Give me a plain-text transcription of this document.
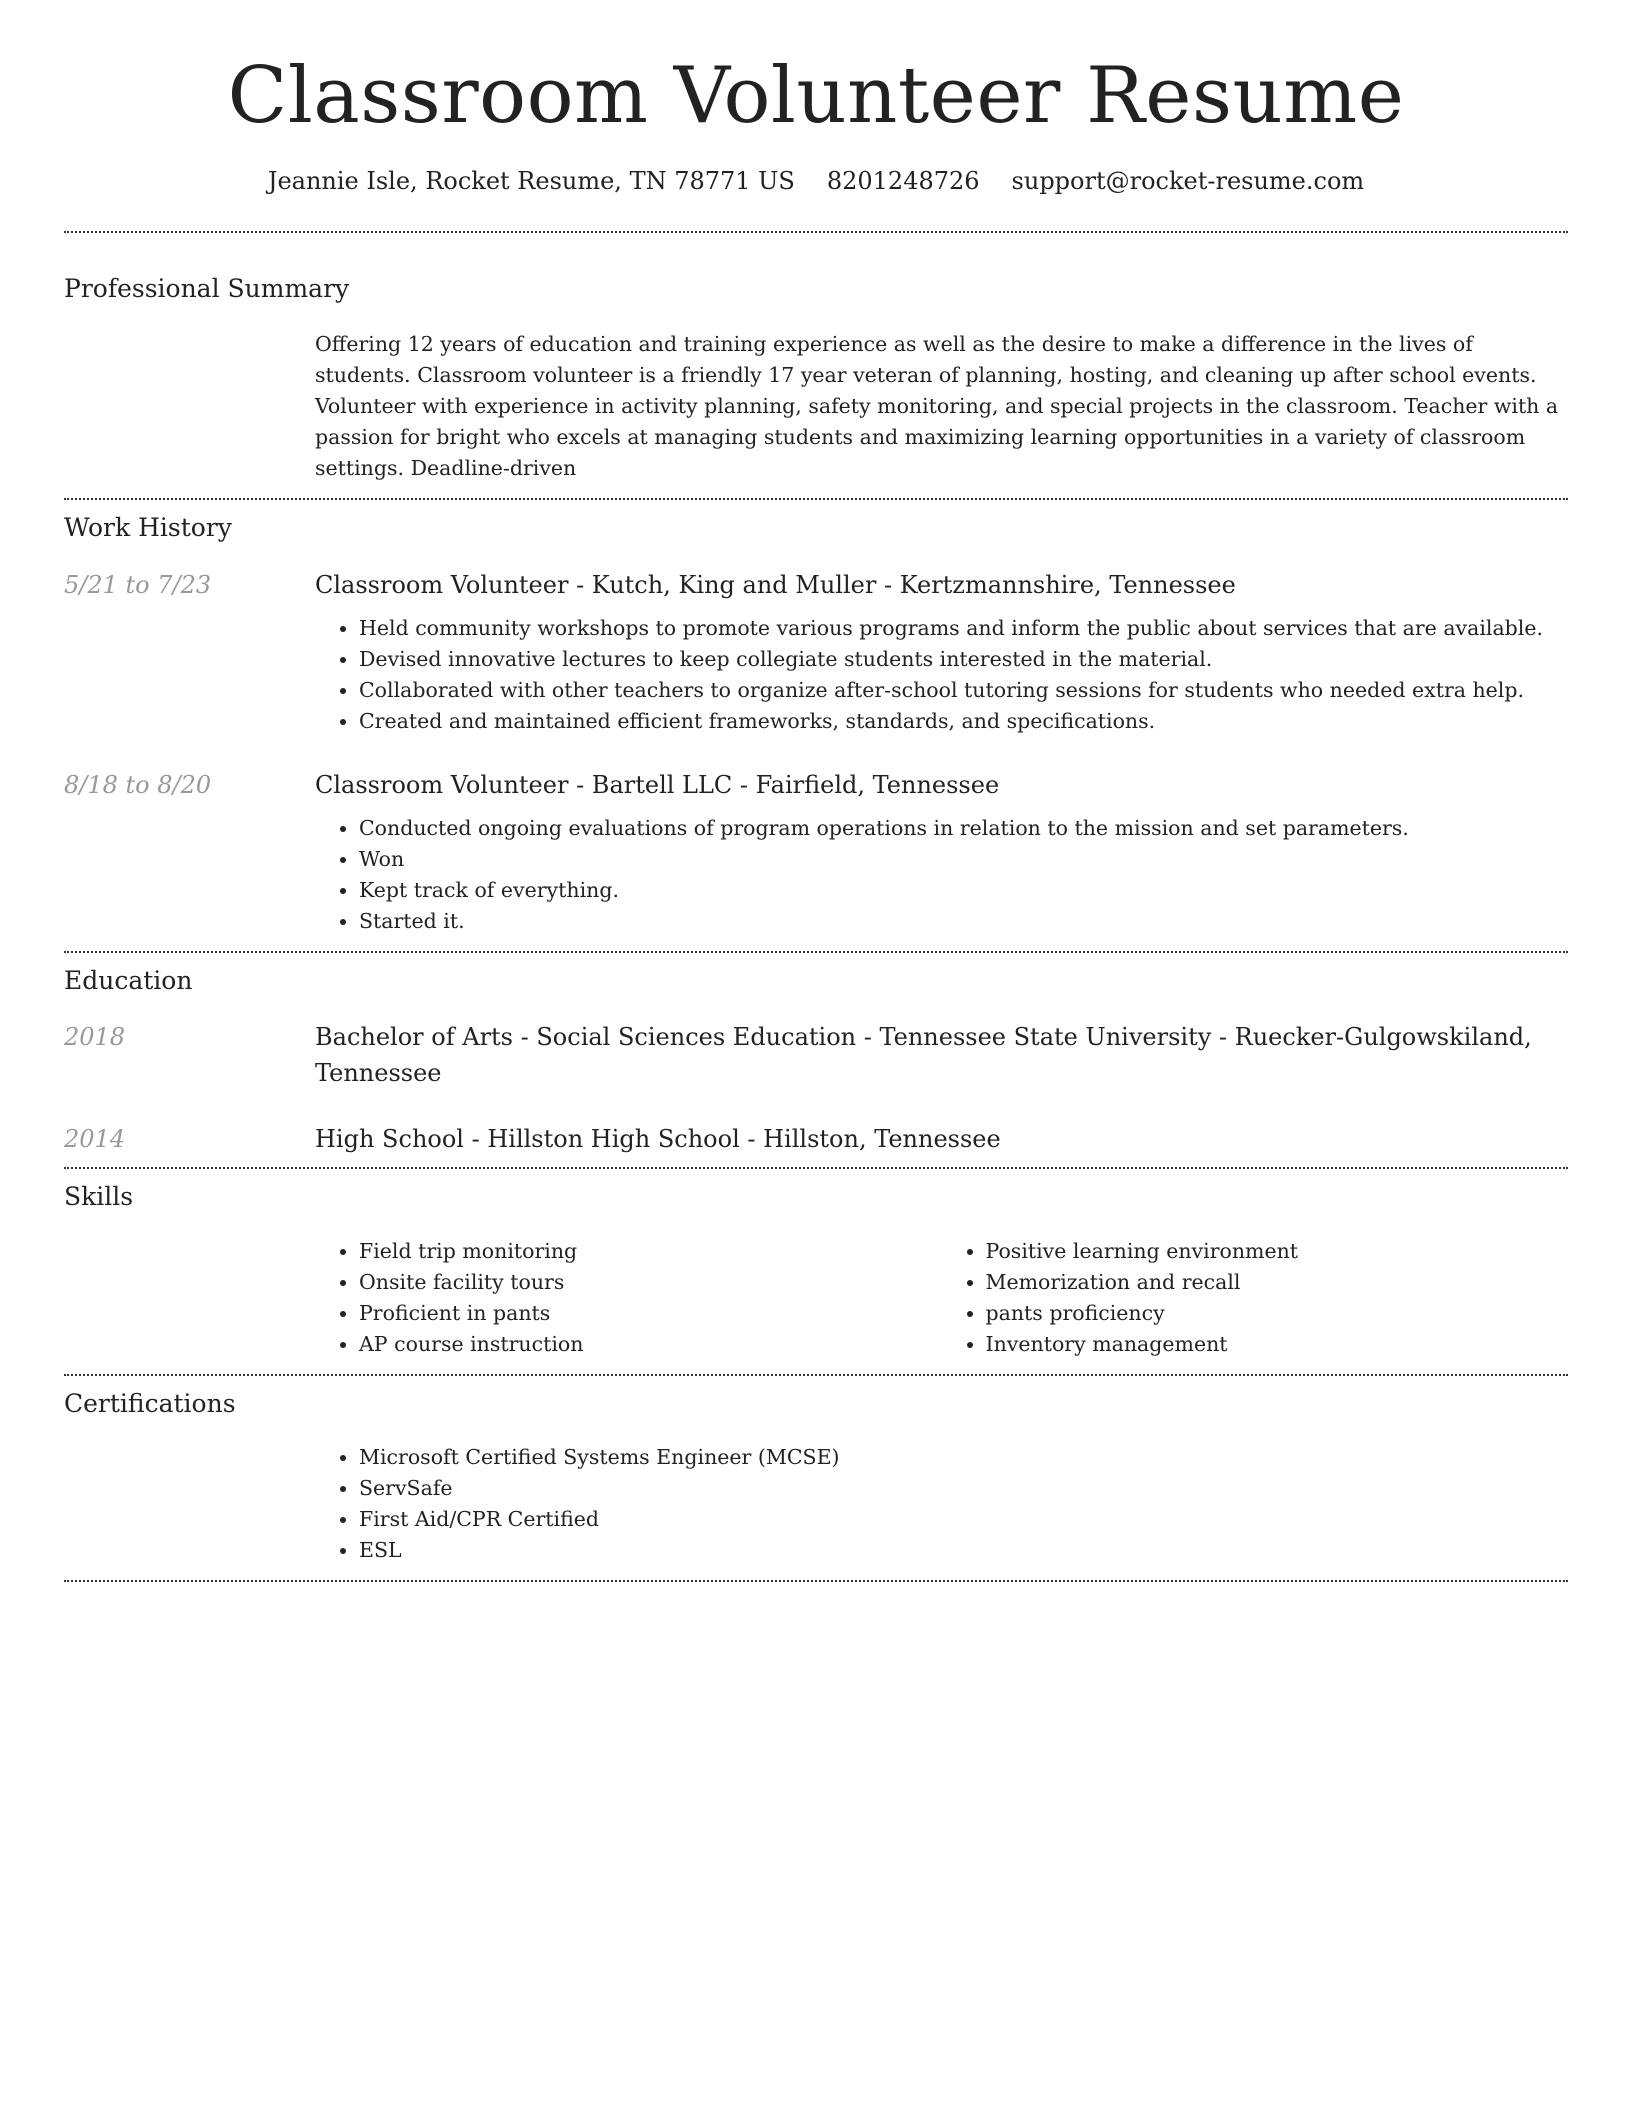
Classroom Volunteer Resume
Jeannie Isle, Rocket Resume, TN 78771 US 8201248726 support@rocket-resume.com
Professional Summary

Offering 12 years of education and training experience as well as the desire to make a difference in the lives of students. Classroom volunteer is a friendly 17 year veteran of planning, hosting, and cleaning up after school events. Volunteer with experience in activity planning, safety monitoring, and special projects in the classroom. Teacher with a passion for bright who excels at managing students and maximizing learning opportunities in a variety of classroom settings. Deadline-driven

Work History
5/21 to 7/23	Classroom Volunteer - Kutch, King and Muller - Kertzmannshire, Tennessee
• Held community workshops to promote various programs and inform the public about services that are available.
• Devised innovative lectures to keep collegiate students interested in the material.
• Collaborated with other teachers to organize after-school tutoring sessions for students who needed extra help.
• Created and maintained efficient frameworks, standards, and specifications.
8/18 to 8/20	Classroom Volunteer - Bartell LLC - Fairfield, Tennessee
• Conducted ongoing evaluations of program operations in relation to the mission and set parameters.
• Won
• Kept track of everything.
• Started it.
Education
2018	Bachelor of Arts - Social Sciences Education - Tennessee State University - Ruecker-Gulgowskiland, Tennessee
2014	High School - Hillston High School - Hillston, Tennessee
Skills
• Field trip monitoring
• Onsite facility tours
• Proficient in pants
• AP course instruction
• Positive learning environment
• Memorization and recall
• pants proficiency
• Inventory management
Certifications
• Microsoft Certified Systems Engineer (MCSE)
• ServSafe
• First Aid/CPR Certified
• ESL
